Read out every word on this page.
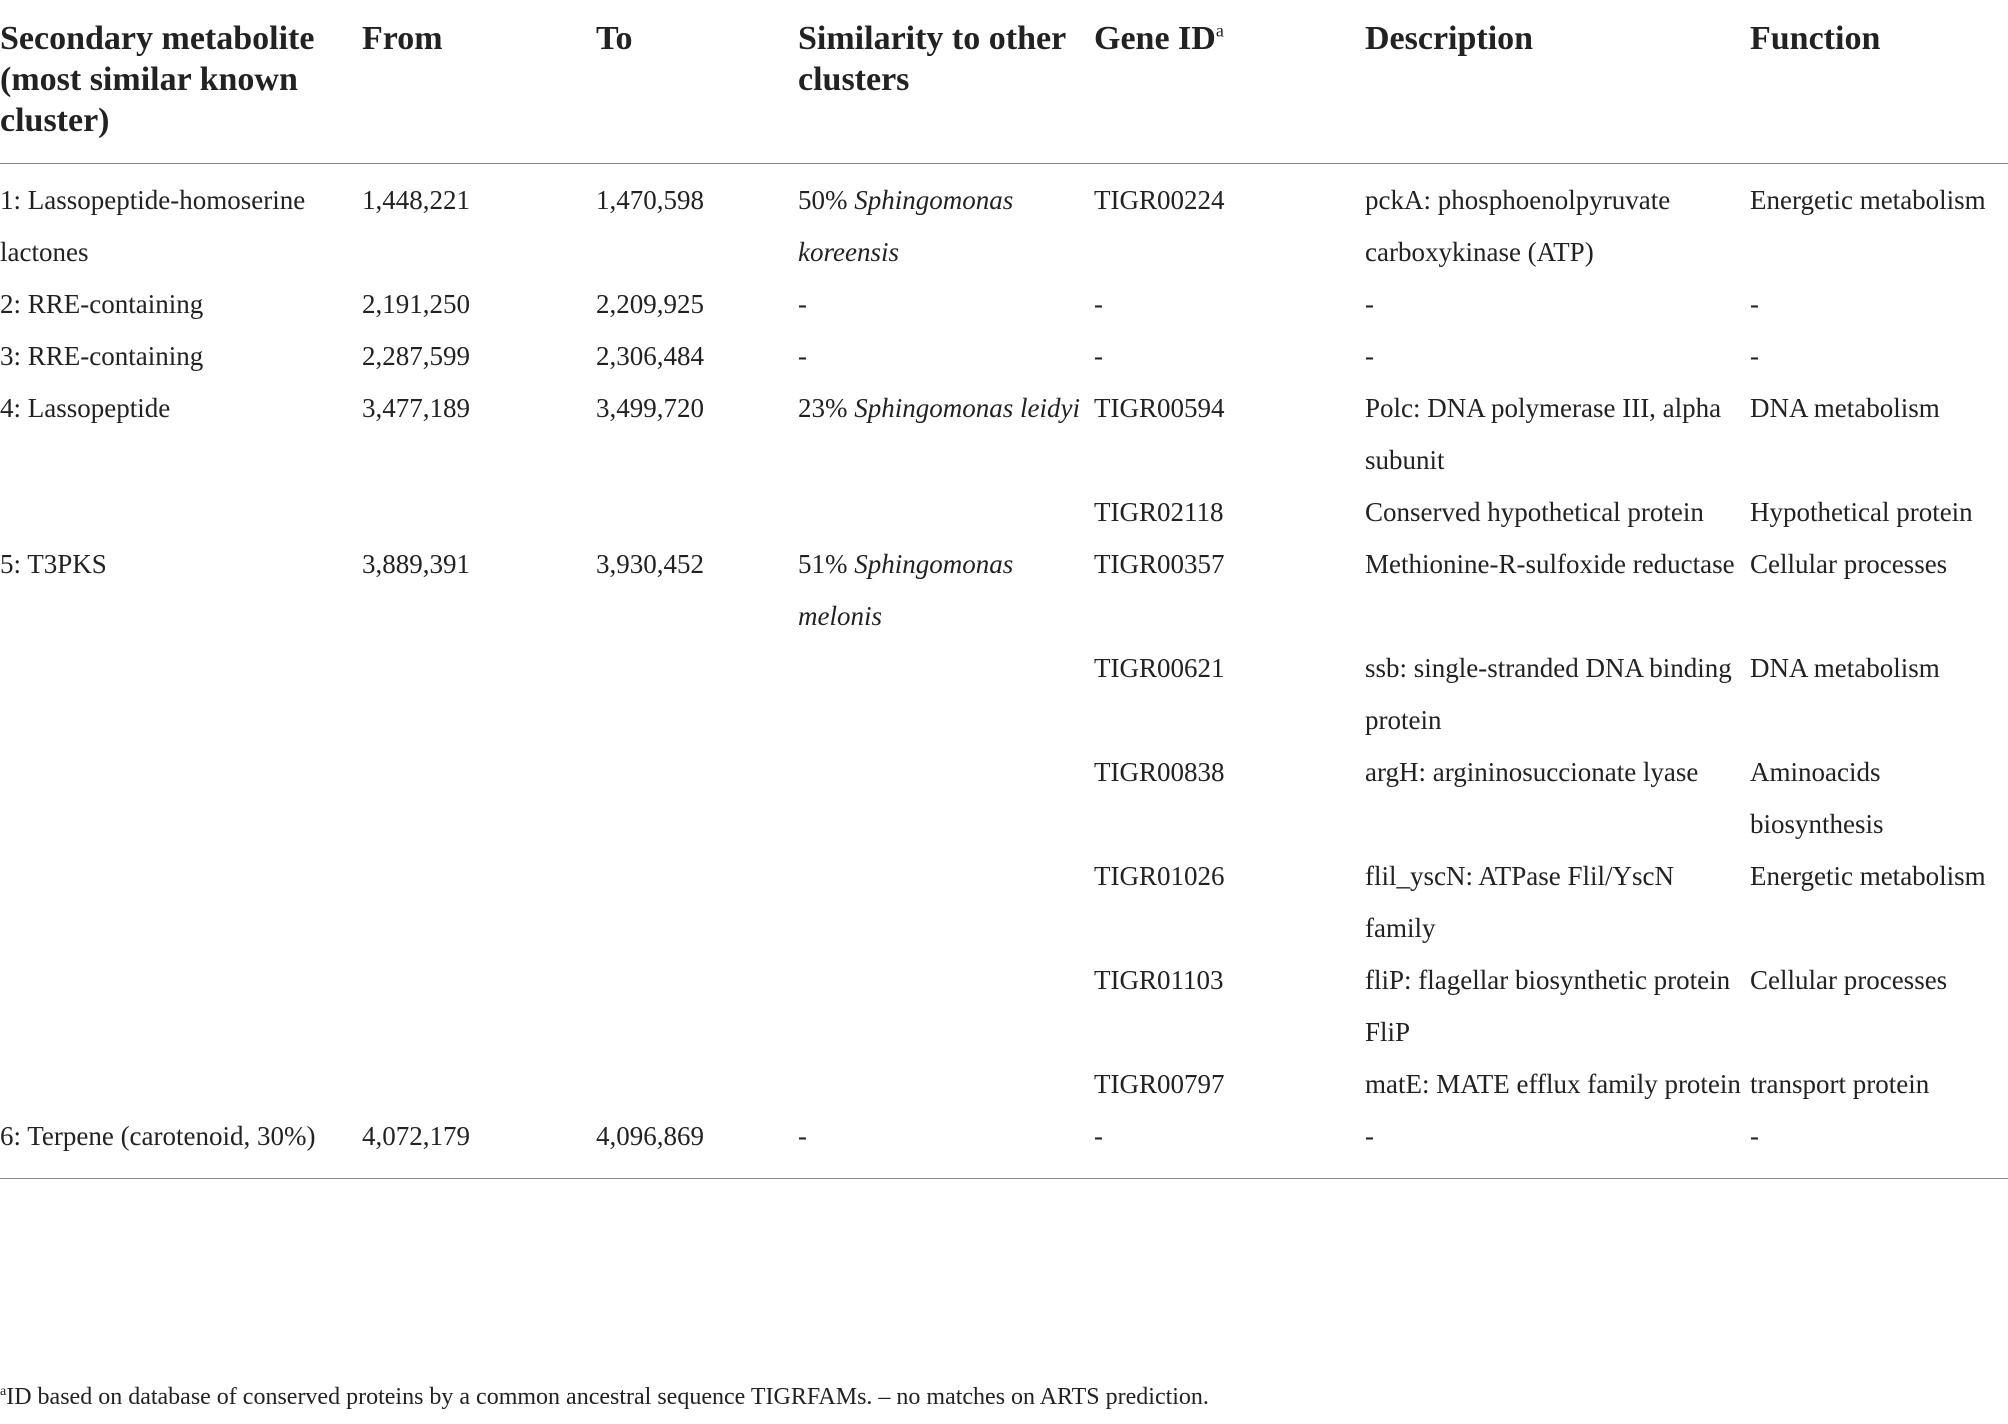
Secondary metabolite (most similar known cluster)	From	To	Similarity to other clusters	Gene $ID^a$	Description	Function
1: Lassopeptide-homoserine lactones	1,448,221	1,470,598	50% Sphingomonas koreensis	TIGR00224	pckA: phosphoenolpyruvate carboxykinase (ATP)	Energetic metabolism
2: RRE-containing	2,191,250	2,209,925	-	-	-	-
3: RRE-containing	2,287,599	2,306,484	-	-	-	-
4: Lassopeptide	3,477,189	3,499,720	23% Sphingomonas leidyi	TIGR00594	Polc: DNA polymerase III, alpha subunit	DNA metabolism
				TIGR02118	Conserved hypothetical protein	Hypothetical protein
5: T3PKS	3,889,391	3,930,452	51% Sphingomonas melonis	TIGR00357	Methionine-R-sulfoxide reductase	Cellular processes
				TIGR00621	ssb: single-stranded DNA binding protein	DNA metabolism
				TIGR00838	argH: argininosuccionate lyase	Aminoacids biosynthesis
				TIGR01026	flil_yscN: ATPase Flil/YscN family	Energetic metabolism
				TIGR01103	fliP: flagellar biosynthetic protein FliP	Cellular processes
				TIGR00797	matE: MATE efflux family protein	transport protein
6: Terpene (carotenoid, 30%)	4,072,179	4,096,869	-	-	-	-
$^a$ID based on database of conserved proteins by a common ancestral sequence TIGRFAMs. – no matches on ARTS prediction.
